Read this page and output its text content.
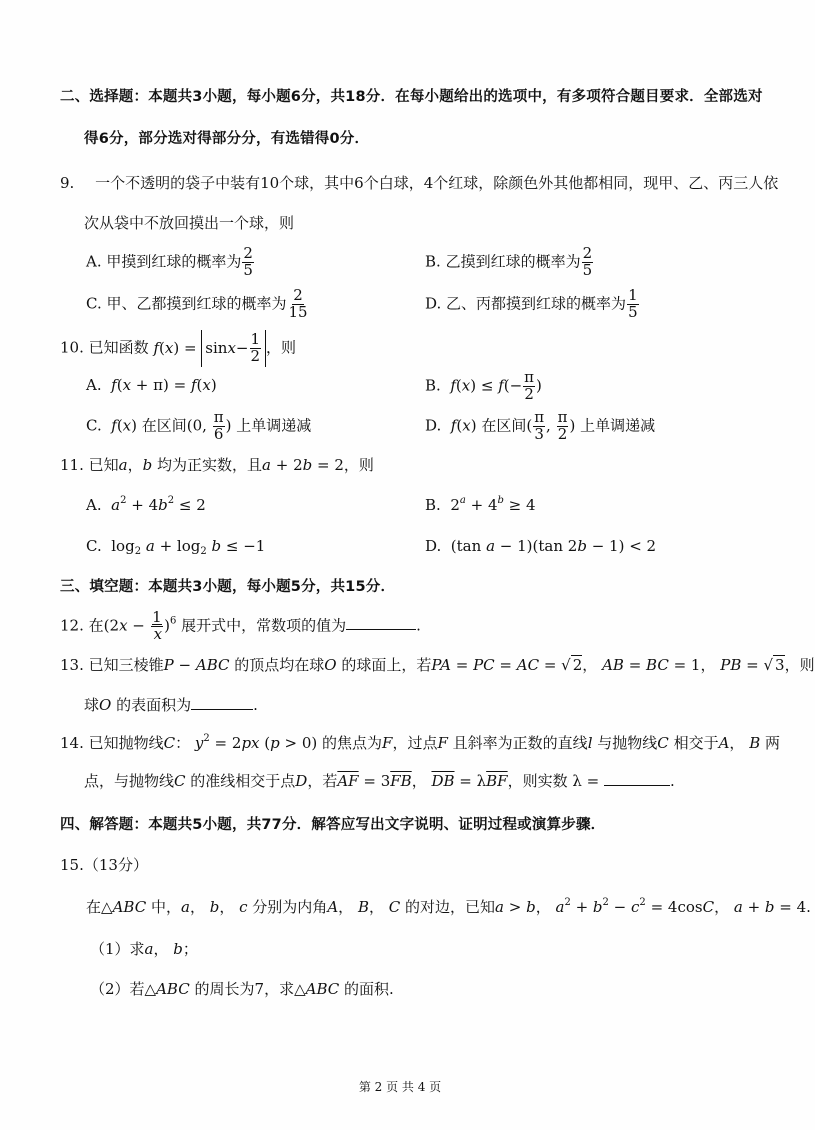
二、选择题：本题共3小题，每小题6分，共18分．在每小题给出的选项中，有多项符合题目要求．全部选对
得6分，部分选对得部分分，有选错得0分．
9. 一个不透明的袋子中装有10个球，其中6个白球，4个红球，除颜色外其他都相同，现甲、乙、丙三人依
次从袋中不放回摸出一个球，则
A. 甲摸到红球的概率为 $\frac{2}{5}$	B. 乙摸到红球的概率为 $\frac{2}{5}$
C. 甲、乙都摸到红球的概率为 $\frac{2}{15}$	D. 乙、丙都摸到红球的概率为 $\frac{1}{5}$
10. 已知函数 f(x) = sin x − 1
2 ，则
A.  f(x + π) = f(x)	B.  $f(x) \le f(- \frac{\pi}{2}$ )
C.  f(x) 在区间(0, $\frac{\pi}{6}$ ) 上单调递减	D.  f(x) 在区间( $\frac{\pi}{3}$ , $\frac{\pi}{2}$ ) 上单调递减
11. 已知a，b 均为正实数，且a + 2b = 2，则
A.  $a^2 + 4b^2 \le 2$	B.  $2^a + 4^b \ge 4$
C.  $\log_2 a + \log_2 b \le -1$	D.  (tan a − 1)(tan 2b − 1) < 2
三、填空题：本题共3小题，每小题5分，共15分．
12. 在$(2x - \frac{1}{x} )^6$ 展开式中，常数项的值为	.
13. 已知三棱锥P − ABC 的顶点均在球O 的球面上，若PA = PC = AC = √ 2， AB = BC = 1， PB = √ 3，则
球O 的表面积为	.
14. 已知抛物线C： $y^2 = 2px$ (p > 0) 的焦点为F，过点F 且斜率为正数的直线l 与抛物线C 相交于A， B 两
点，与抛物线C 的准线相交于点D，若$\overline{AF} = 3\overline{FB}$， $\overline{DB} = \lambda\overline{BF}$，则实数 λ =	.
四、解答题：本题共5小题，共77分．解答应写出文字说明、证明过程或演算步骤．
15.（13分）
在△ABC 中，a， b， c 分别为内角A， B， C 的对边，已知a > b， $a^2 + b^2 - c^2 = 4\cos C$， a + b = 4.
（1）求a， b；
（2）若△ABC 的周长为7，求△ABC 的面积.
第 2 页 共 4 页
